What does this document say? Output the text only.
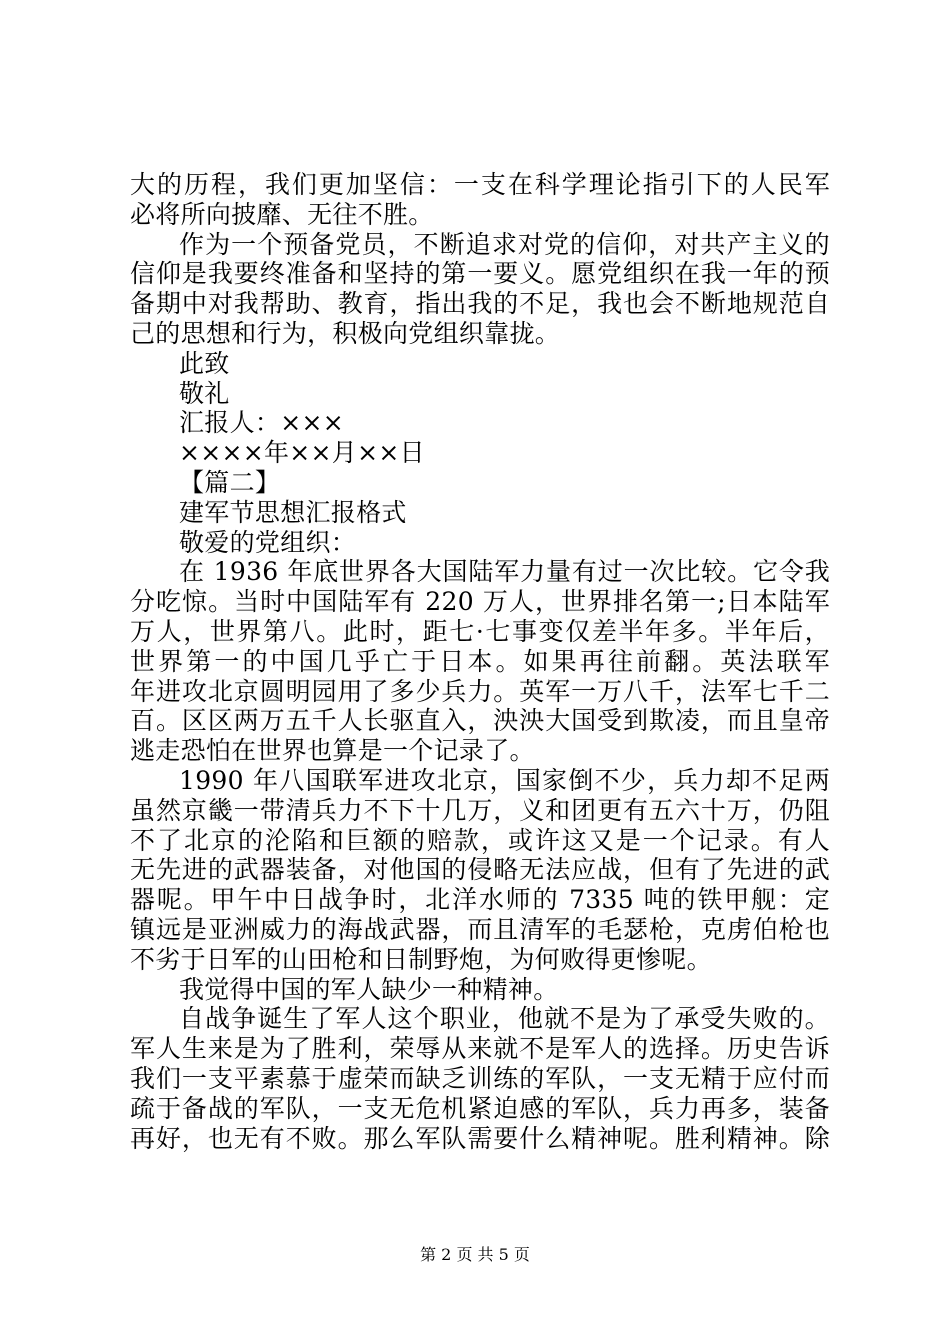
大的历程，我们更加坚信：一支在科学理论指引下的人民军
必将所向披靡、无往不胜。
作为一个预备党员，不断追求对党的信仰，对共产主义的
信仰是我要终准备和坚持的第一要义。愿党组织在我一年的预
备期中对我帮助、教育，指出我的不足，我也会不断地规范自
己的思想和行为，积极向党组织靠拢。
此致
敬礼
汇报人：×××
××××年××月××日
【篇二】
建军节思想汇报格式
敬爱的党组织：
在 1936 年底世界各大国陆军力量有过一次比较。它令我
分吃惊。当时中国陆军有 220 万人，世界排名第一;日本陆军
万人，世界第八。此时，距七·七事变仅差半年多。半年后，
世界第一的中国几乎亡于日本。如果再往前翻。英法联军
年进攻北京圆明园用了多少兵力。英军一万八千，法军七千二
百。区区两万五千人长驱直入，泱泱大国受到欺凌，而且皇帝
逃走恐怕在世界也算是一个记录了。
1990 年八国联军进攻北京，国家倒不少，兵力却不足两
虽然京畿一带清兵力不下十几万，义和团更有五六十万，仍阻
不了北京的沦陷和巨额的赔款，或许这又是一个记录。有人
无先进的武器装备，对他国的侵略无法应战，但有了先进的武
器呢。甲午中日战争时，北洋水师的 7335 吨的铁甲舰：定
镇远是亚洲威力的海战武器，而且清军的毛瑟枪，克虏伯枪也
不劣于日军的山田枪和日制野炮，为何败得更惨呢。
我觉得中国的军人缺少一种精神。
自战争诞生了军人这个职业，他就不是为了承受失败的。
军人生来是为了胜利，荣辱从来就不是军人的选择。历史告诉
我们一支平素慕于虚荣而缺乏训练的军队，一支无精于应付而
疏于备战的军队，一支无危机紧迫感的军队，兵力再多，装备
再好，也无有不败。那么军队需要什么精神呢。胜利精神。除
第 2 页 共 5 页
